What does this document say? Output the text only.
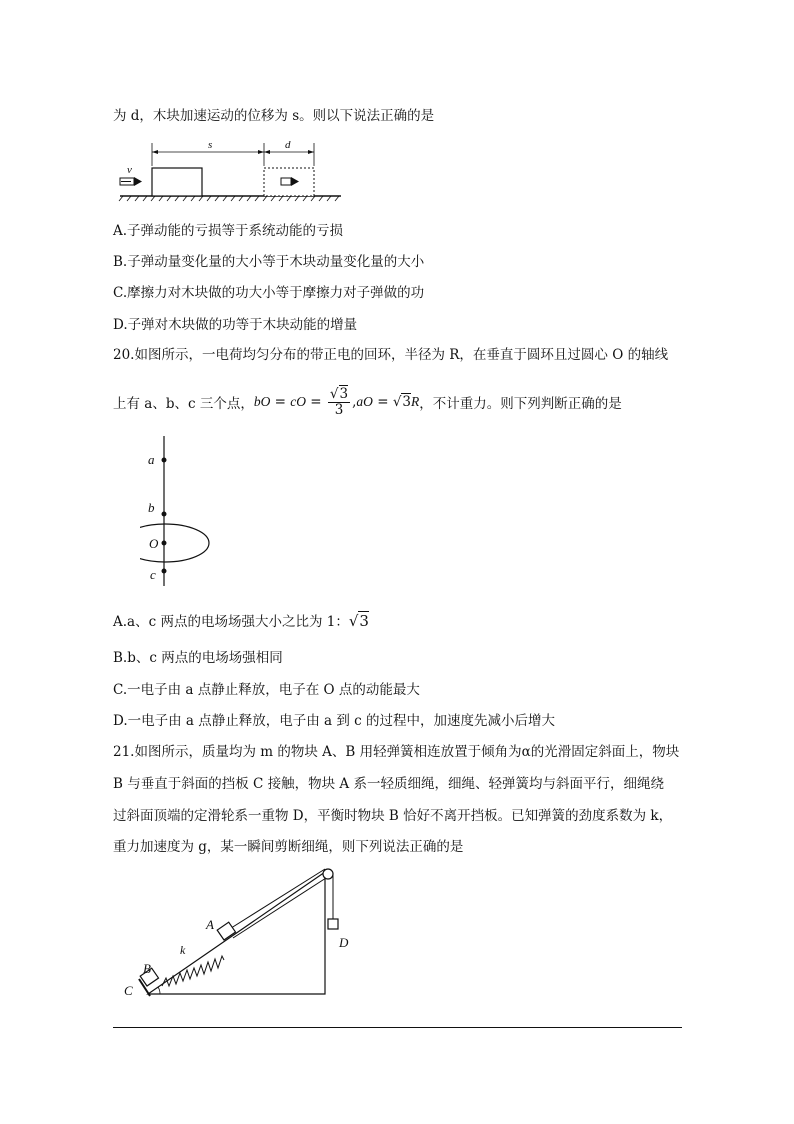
为 d，木块加速运动的位移为 s。则以下说法正确的是
v
s	d
A.子弹动能的亏损等于系统动能的亏损
B.子弹动量变化量的大小等于木块动量变化量的大小
C.摩擦力对木块做的功大小等于摩擦力对子弹做的功
D.子弹对木块做的功等于木块动能的增量
20.如图所示，一电荷均匀分布的带正电的回环，半径为 R，在垂直于圆环且过圆心 O 的轴线
上有 a、b、c 三个点， bO = cO = $\frac{√3}{3}$ , aO = √3 R ，不计重力。则下列判断正确的是
a
b
O
c
A.a、c 两点的电场场强大小之比为 1：√3
B.b、c 两点的电场场强相同
C.一电子由 a 点静止释放，电子在 O 点的动能最大
D.一电子由 a 点静止释放，电子由 a 到 c 的过程中，加速度先减小后增大
21.如图所示，质量均为 m 的物块 A、B 用轻弹簧相连放置于倾角为α的光滑固定斜面上，物块
B 与垂直于斜面的挡板 C 接触，物块 A 系一轻质细绳，细绳、轻弹簧均与斜面平行，细绳绕
过斜面顶端的定滑轮系一重物 D，平衡时物块 B 恰好不离开挡板。已知弹簧的劲度系数为 k，
重力加速度为 g，某一瞬间剪断细绳，则下列说法正确的是
D
A
k
B
C
